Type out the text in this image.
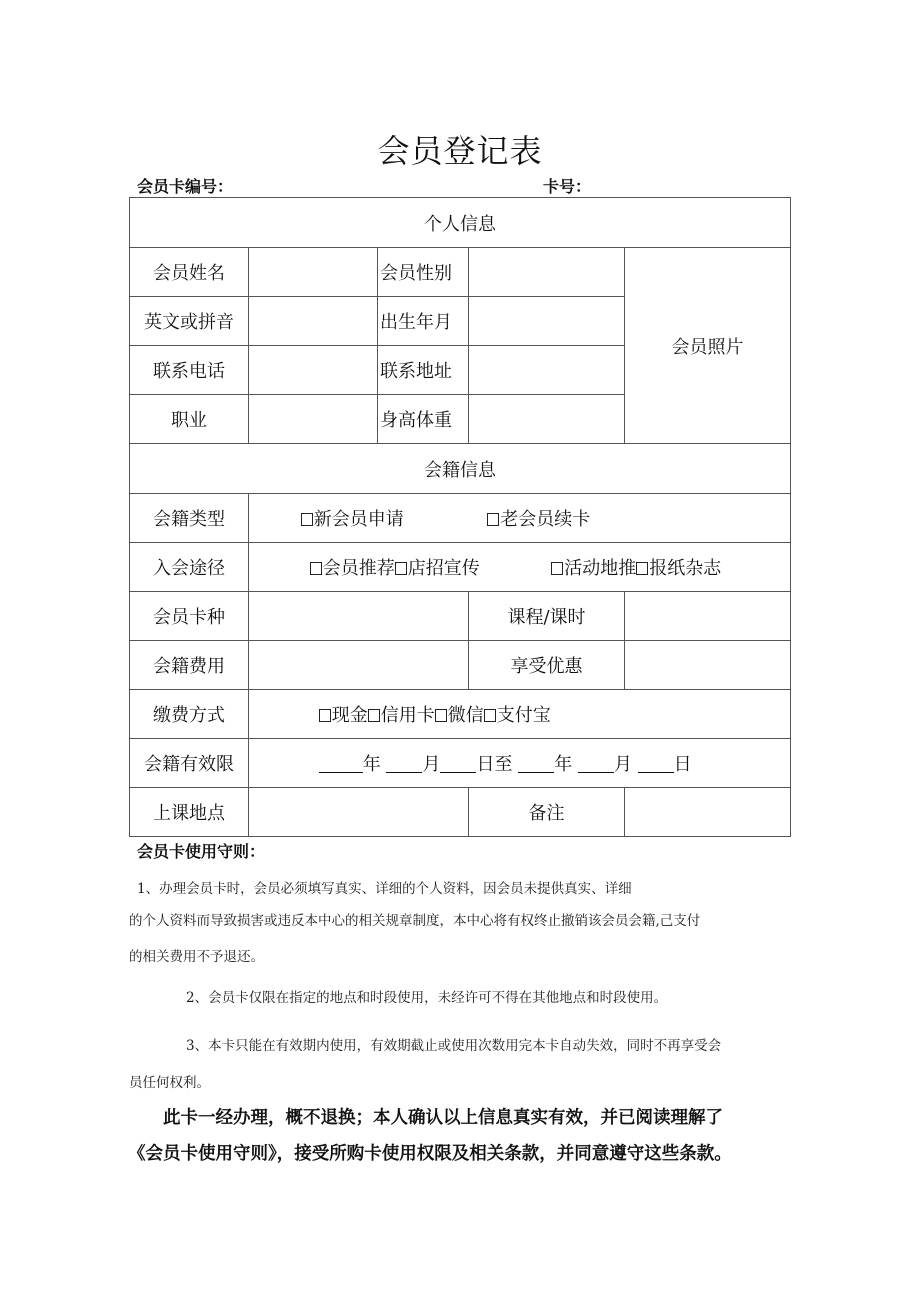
会员登记表
会员卡编号：	卡号：
个人信息				
会员姓名		会员性别		会员照片
英文或拼音		出生年月		
联系电话		联系地址		
职业		身高体重		
会籍信息				
会籍类型	新会员申请 老会员续卡			
入会途径	会员推荐 店招宣传 活动地推 报纸杂志			
会员卡种			课程/课时	
会籍费用			享受优惠	
缴费方式	现金 信用卡 微信 支付宝			
会籍有效限	年 月 日至 年 月 日			
上课地点			备注	
会员卡使用守则：
1、办理会员卡时，会员必须填写真实、详细的个人资料，因会员未提供真实、详细
的个人资料而导致损害或违反本中心的相关规章制度，本中心将有权终止撤销该会员会籍,己支付
的相关费用不予退还。
2、会员卡仅限在指定的地点和时段使用，未经许可不得在其他地点和时段使用。
3、本卡只能在有效期内使用，有效期截止或使用次数用完本卡自动失效，同时不再享受会
员任何权利。
此卡一经办理，概不退换；本人确认以上信息真实有效，并已阅读理解了
《会员卡使用守则》，接受所购卡使用权限及相关条款，并同意遵守这些条款。
